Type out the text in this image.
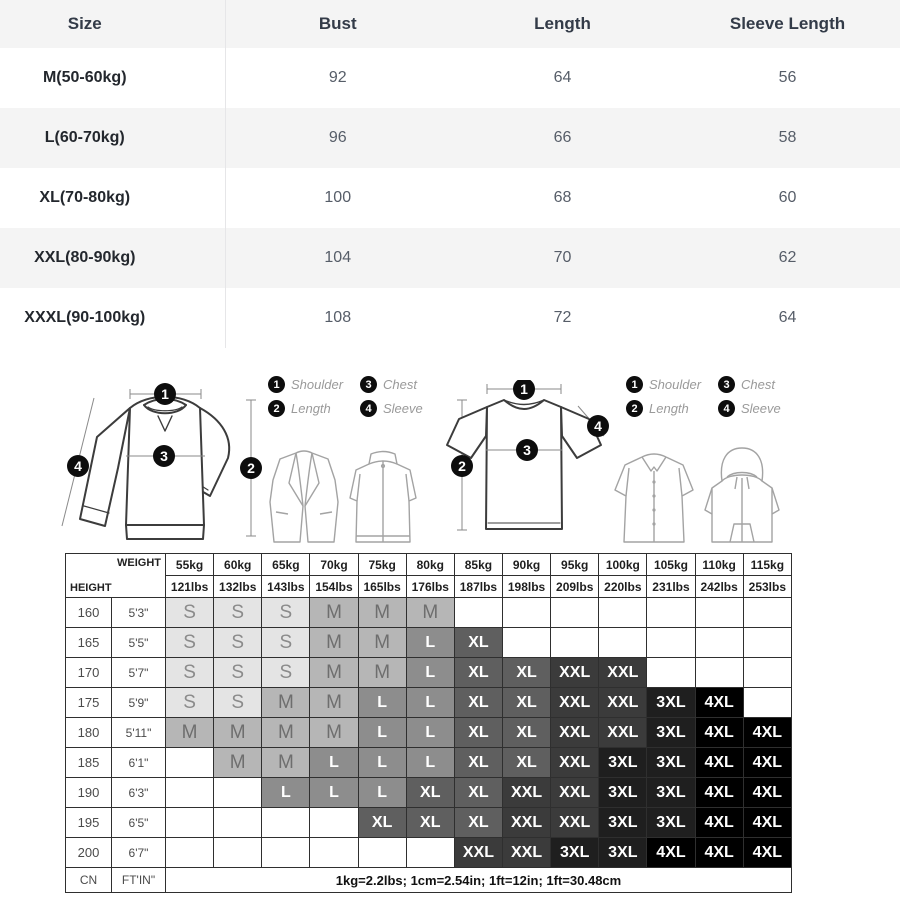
Size	Bust	Length	Sleeve Length
M(50-60kg)	92	64	56
L(60-70kg)	96	66	58
XL(70-80kg)	100	68	60
XXL(80-90kg)	104	70	62
XXXL(90-100kg)	108	72	64
1
2
3
4
1 Shoulder	3 Chest
2 Length	4 Sleeve
1
2
3
4
1 Shoulder	3 Chest
2 Length	4 Sleeve
WEIGHT
HEIGHT		55kg	60kg	65kg	70kg	75kg	80kg	85kg	90kg	95kg	100kg	105kg	110kg	115kg
		121lbs	132lbs	143lbs	154lbs	165lbs	176lbs	187lbs	198lbs	209lbs	220lbs	231lbs	242lbs	253lbs
160	5'3"	S	S	S	M	M	M							
165	5'5"	S	S	S	M	M	L	XL						
170	5'7"	S	S	S	M	M	L	XL	XL	XXL	XXL			
175	5'9"	S	S	M	M	L	L	XL	XL	XXL	XXL	3XL	4XL	
180	5'11"	M	M	M	M	L	L	XL	XL	XXL	XXL	3XL	4XL	4XL
185	6'1"		M	M	L	L	L	XL	XL	XXL	3XL	3XL	4XL	4XL
190	6'3"			L	L	L	XL	XL	XXL	XXL	3XL	3XL	4XL	4XL
195	6'5"					XL	XL	XL	XXL	XXL	3XL	3XL	4XL	4XL
200	6'7"							XXL	XXL	3XL	3XL	4XL	4XL	4XL
CN	FT'IN"	1kg=2.2lbs; 1cm=2.54in; 1ft=12in; 1ft=30.48cm												
